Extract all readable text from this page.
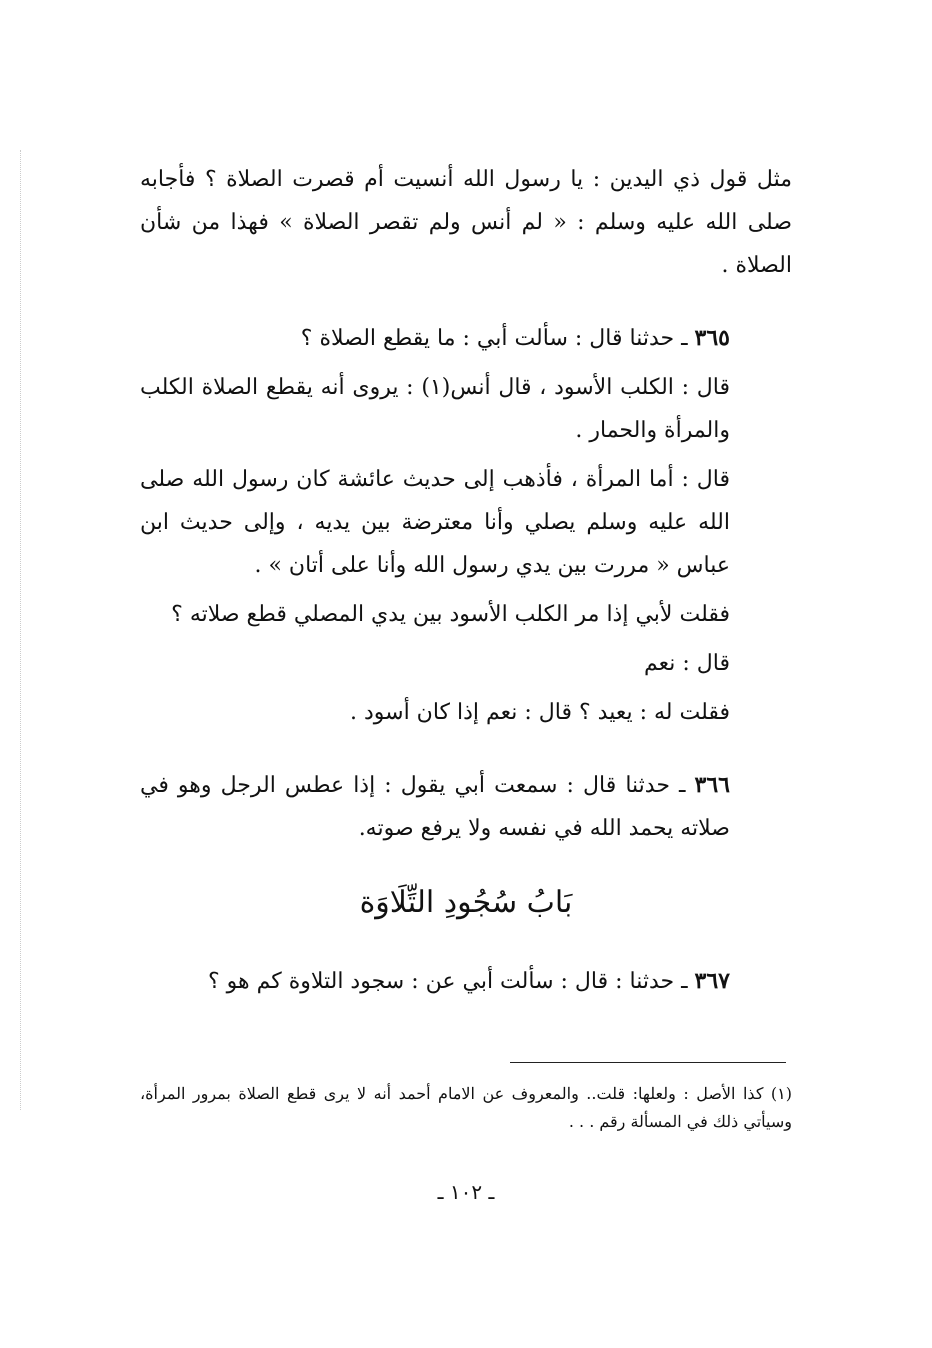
مثل قول ذي اليدين : يا رسول الله أنسيت أم قصرت الصلاة ؟ فأجابه صلى الله عليه وسلم : « لم أنس ولم تقصر الصلاة » فهذا من شأن الصلاة .

٣٦٥ ـ حدثنا قال : سألت أبي : ما يقطع الصلاة ؟

قال : الكلب الأسود ، قال أنس(١) : يروى أنه يقطع الصلاة الكلب والمرأة والحمار .

قال : أما المرأة ، فأذهب إلى حديث عائشة كان رسول الله صلى الله عليه وسلم يصلي وأنا معترضة بين يديه ، وإلى حديث ابن عباس « مررت بين يدي رسول الله وأنا على أتان » .

فقلت لأبي إذا مر الكلب الأسود بين يدي المصلي قطع صلاته ؟

قال : نعم

فقلت له : يعيد ؟ قال : نعم إذا كان أسود .

٣٦٦ ـ حدثنا قال : سمعت أبي يقول : إذا عطس الرجل وهو في صلاته يحمد الله في نفسه ولا يرفع صوته.

بَابُ سُجُودِ التِّلَاوَة

٣٦٧ ـ حدثنا : قال : سألت أبي عن : سجود التلاوة كم هو ؟

(١) كذا الأصل : ولعلها: قلت.. والمعروف عن الامام أحمد أنه لا يرى قطع الصلاة بمرور المرأة، وسيأتي ذلك في المسألة رقم . . .
ـ ١٠٢ ـ
